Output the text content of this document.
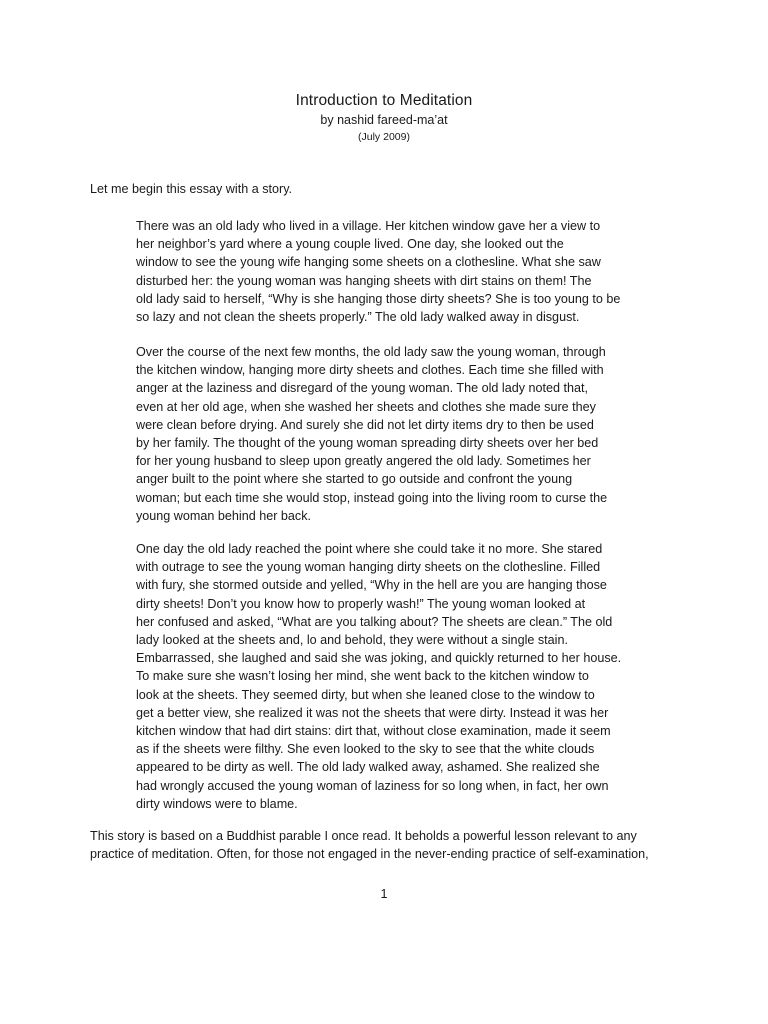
Introduction to Meditation
by nashid fareed-ma’at
(July 2009)
Let me begin this essay with a story.

There was an old lady who lived in a village. Her kitchen window gave her a view to
her neighbor’s yard where a young couple lived. One day, she looked out the
window to see the young wife hanging some sheets on a clothesline. What she saw
disturbed her: the young woman was hanging sheets with dirt stains on them! The
old lady said to herself, “Why is she hanging those dirty sheets? She is too young to be
so lazy and not clean the sheets properly.” The old lady walked away in disgust.

Over the course of the next few months, the old lady saw the young woman, through
the kitchen window, hanging more dirty sheets and clothes. Each time she filled with
anger at the laziness and disregard of the young woman. The old lady noted that,
even at her old age, when she washed her sheets and clothes she made sure they
were clean before drying. And surely she did not let dirty items dry to then be used
by her family. The thought of the young woman spreading dirty sheets over her bed
for her young husband to sleep upon greatly angered the old lady. Sometimes her
anger built to the point where she started to go outside and confront the young
woman; but each time she would stop, instead going into the living room to curse the
young woman behind her back.

One day the old lady reached the point where she could take it no more. She stared
with outrage to see the young woman hanging dirty sheets on the clothesline. Filled
with fury, she stormed outside and yelled, “Why in the hell are you are hanging those
dirty sheets! Don’t you know how to properly wash!” The young woman looked at
her confused and asked, “What are you talking about? The sheets are clean.” The old
lady looked at the sheets and, lo and behold, they were without a single stain.
Embarrassed, she laughed and said she was joking, and quickly returned to her house.
To make sure she wasn’t losing her mind, she went back to the kitchen window to
look at the sheets. They seemed dirty, but when she leaned close to the window to
get a better view, she realized it was not the sheets that were dirty. Instead it was her
kitchen window that had dirt stains: dirt that, without close examination, made it seem
as if the sheets were filthy. She even looked to the sky to see that the white clouds
appeared to be dirty as well. The old lady walked away, ashamed. She realized she
had wrongly accused the young woman of laziness for so long when, in fact, her own
dirty windows were to blame.

This story is based on a Buddhist parable I once read. It beholds a powerful lesson relevant to any
practice of meditation. Often, for those not engaged in the never-ending practice of self-examination,

1
